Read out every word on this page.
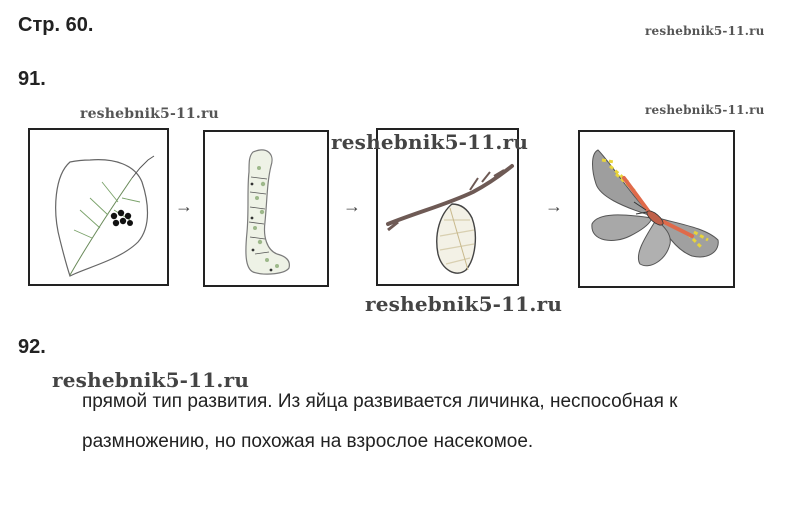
Стр. 60.	reshebnik5-11.ru
91.
reshebnik5-11.ru	reshebnik5-11.ru
→	→	→
reshebnik5-11.ru
reshebnik5-11.ru
92.
reshebnik5-11.ru
прямой тип развития. Из яйца развивается личинка, неспособная к
размножению, но похожая на взрослое насекомое.
